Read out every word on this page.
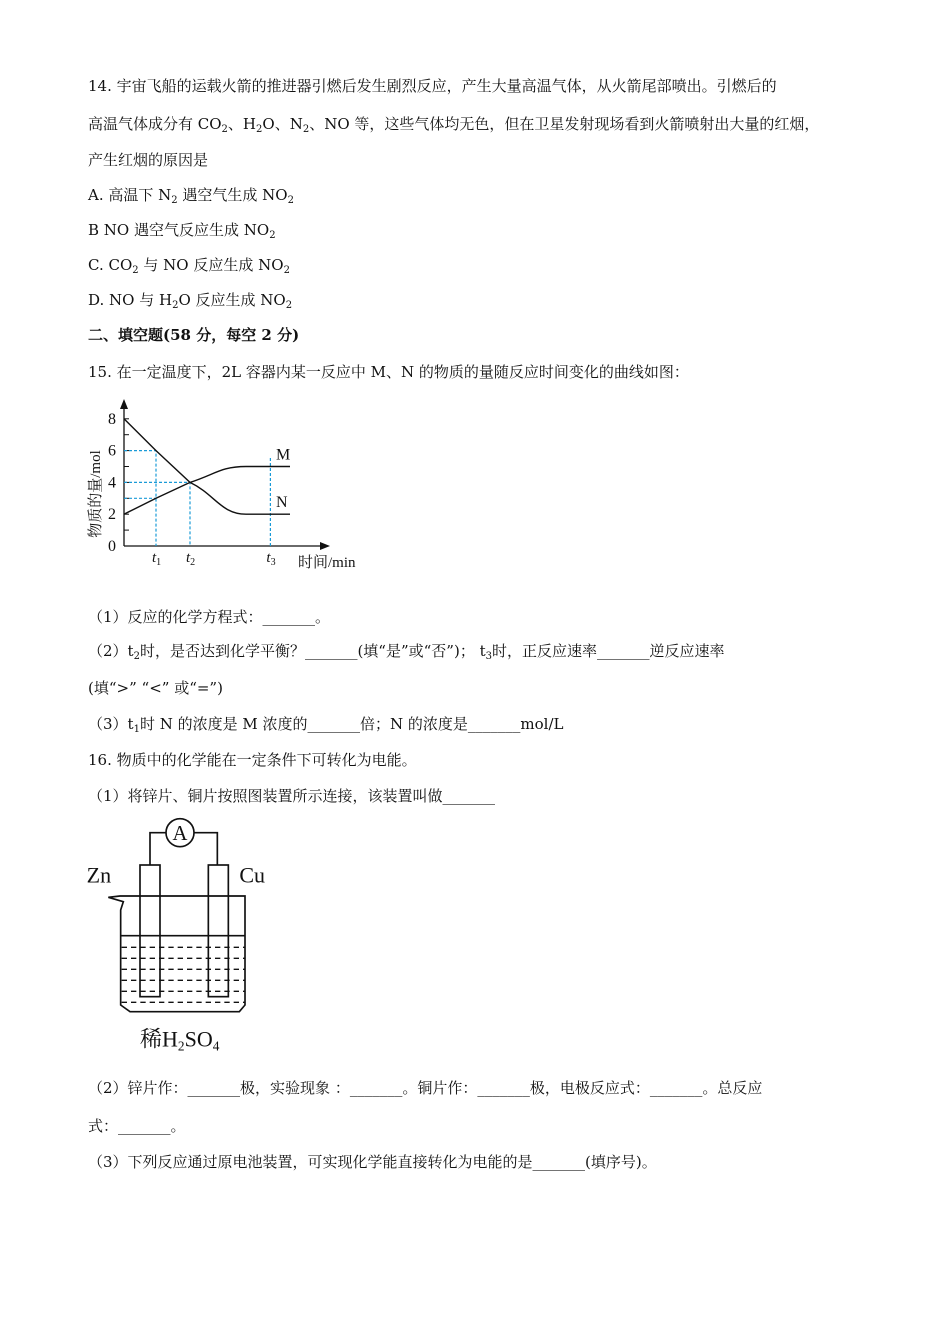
14. 宇宙飞船的运载火箭的推进器引燃后发生剧烈反应，产生大量高温气体，从火箭尾部喷出。引燃后的
高温气体成分有 $CO_2$、$H_2O$、$N_2$、NO 等，这些气体均无色，但在卫星发射现场看到火箭喷射出大量的红烟，
产生红烟的原因是
A. 高温下 $N_2$ 遇空气生成 $NO_2$
B NO 遇空气反应生成 $NO_2$
C. $CO_2$ 与 NO 反应生成 $NO_2$
D. NO 与 $H_2O$ 反应生成 $NO_2$
二、填空题(58 分，每空 2 分)
15. 在一定温度下，2L 容器内某一反应中 M、N 的物质的量随反应时间变化的曲线如图：
（1）反应的化学方程式：_______。
$(2)t_2$时，是否达到化学平衡？_______(填“是”或“否”)； $t_3$时，正反应速率_______逆反应速率
(填“>” “<” 或“=”)
$(3)t_1$时 N 的浓度是 M 浓度的_______倍；N 的浓度是_______mol/L
16. 物质中的化学能在一定条件下可转化为电能。
（1）将锌片、铜片按照图装置所示连接，该装置叫做_______
（2）锌片作：_______极，实验现象 ：_______。铜片作：_______极，电极反应式：_______。总反应
式：_______。
（3）下列反应通过原电池装置，可实现化学能直接转化为电能的是_______(填序号)。
0
2
4
6
8
$t_1$ $t_2$	$t_3$ 时间/min
物质的量/mol	M
N
A
Zn Cu
稀H2SO4
